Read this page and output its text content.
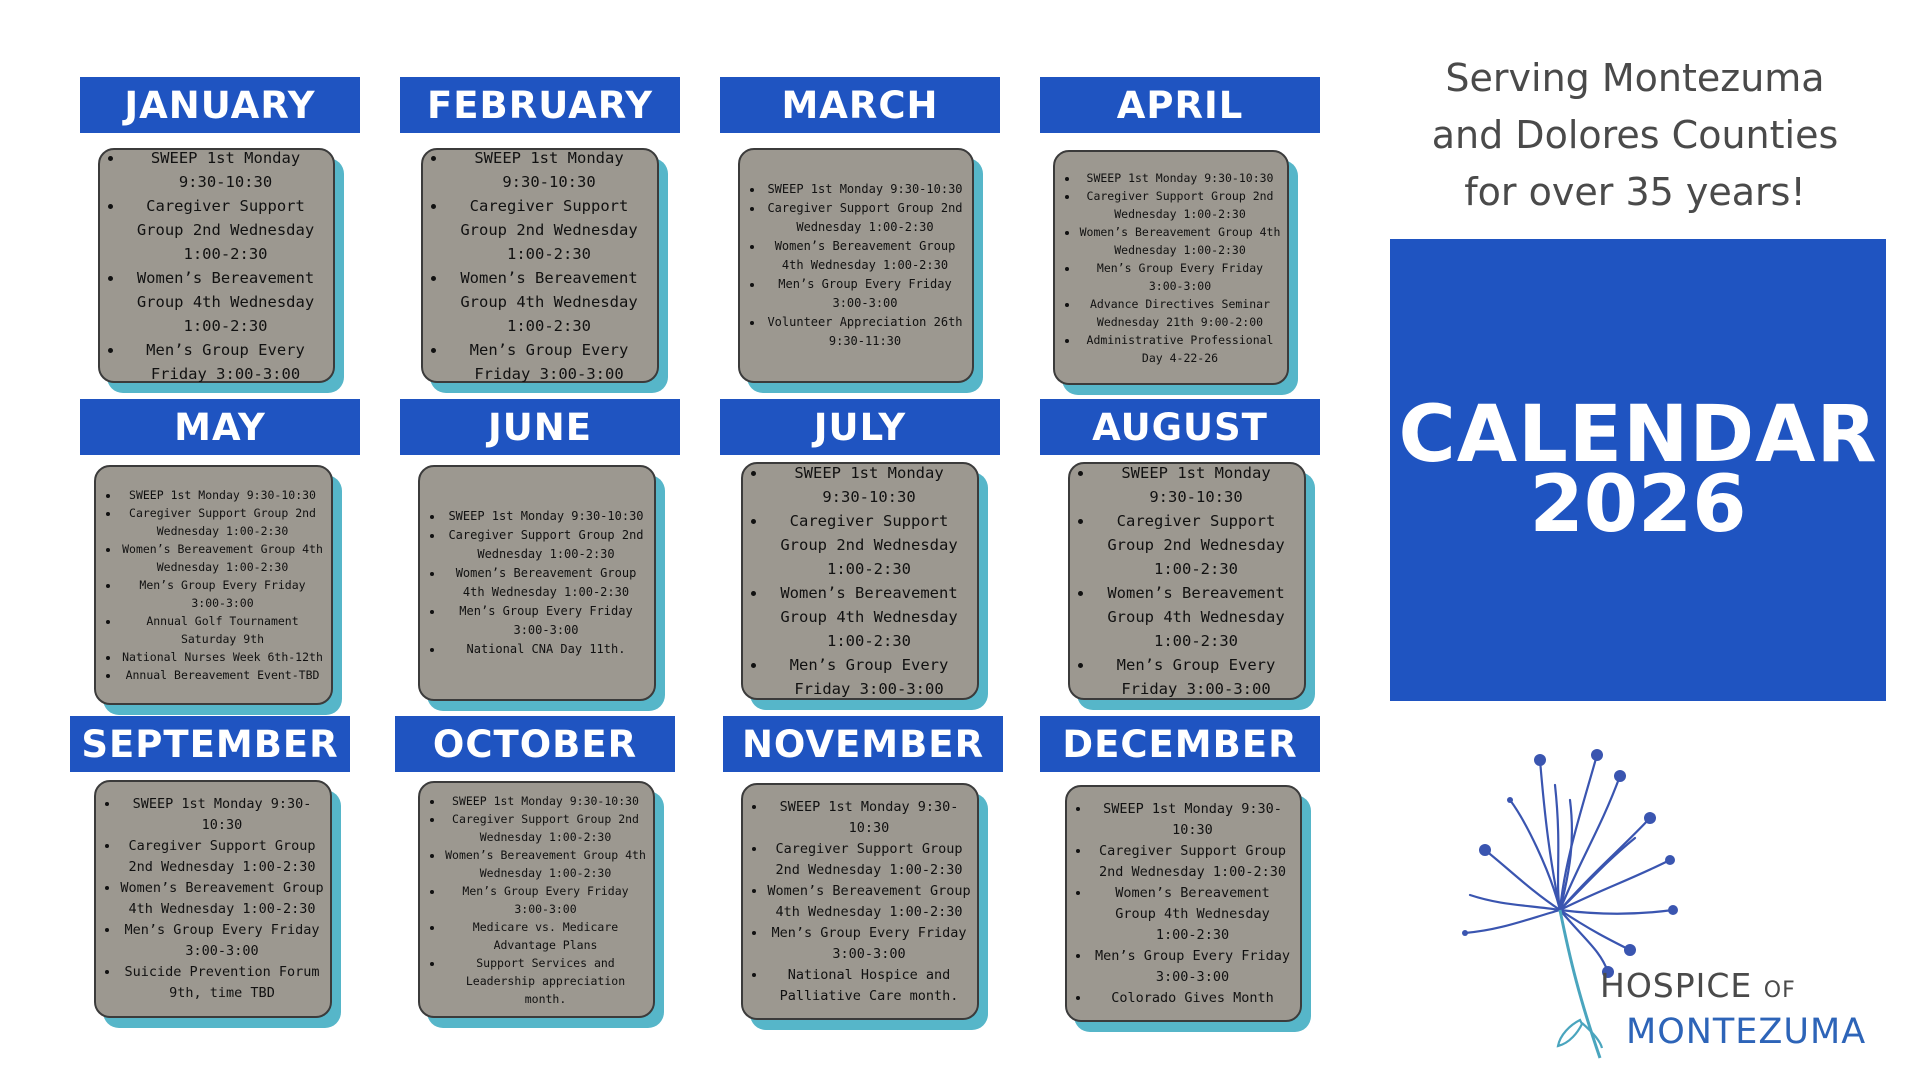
JANUARY
• SWEEP 1st Monday 9:30-10:30
• Caregiver Support Group 2nd Wednesday 1:00-2:30
• Women’s Bereavement Group 4th Wednesday 1:00-2:30
• Men’s Group Every Friday 3:00-3:00
FEBRUARY
• SWEEP 1st Monday 9:30-10:30
• Caregiver Support Group 2nd Wednesday 1:00-2:30
• Women’s Bereavement Group 4th Wednesday 1:00-2:30
• Men’s Group Every Friday 3:00-3:00
MARCH
• SWEEP 1st Monday 9:30-10:30
• Caregiver Support Group 2nd Wednesday 1:00-2:30
• Women’s Bereavement Group 4th Wednesday 1:00-2:30
• Men’s Group Every Friday 3:00-3:00
• Volunteer Appreciation 26th 9:30-11:30
APRIL
• SWEEP 1st Monday 9:30-10:30
• Caregiver Support Group 2nd Wednesday 1:00-2:30
• Women’s Bereavement Group 4th Wednesday 1:00-2:30
• Men’s Group Every Friday 3:00-3:00
• Advance Directives Seminar Wednesday 21th 9:00-2:00
• Administrative Professional Day 4-22-26
MAY
• SWEEP 1st Monday 9:30-10:30
• Caregiver Support Group 2nd Wednesday 1:00-2:30
• Women’s Bereavement Group 4th Wednesday 1:00-2:30
• Men’s Group Every Friday 3:00-3:00
• Annual Golf Tournament Saturday 9th
• National Nurses Week 6th-12th
• Annual Bereavement Event-TBD
JUNE
• SWEEP 1st Monday 9:30-10:30
• Caregiver Support Group 2nd Wednesday 1:00-2:30
• Women’s Bereavement Group 4th Wednesday 1:00-2:30
• Men’s Group Every Friday 3:00-3:00
• National CNA Day 11th.
JULY
• SWEEP 1st Monday 9:30-10:30
• Caregiver Support Group 2nd Wednesday 1:00-2:30
• Women’s Bereavement Group 4th Wednesday 1:00-2:30
• Men’s Group Every Friday 3:00-3:00
AUGUST
• SWEEP 1st Monday 9:30-10:30
• Caregiver Support Group 2nd Wednesday 1:00-2:30
• Women’s Bereavement Group 4th Wednesday 1:00-2:30
• Men’s Group Every Friday 3:00-3:00
SEPTEMBER
• SWEEP 1st Monday 9:30-10:30
• Caregiver Support Group 2nd Wednesday 1:00-2:30
• Women’s Bereavement Group 4th Wednesday 1:00-2:30
• Men’s Group Every Friday 3:00-3:00
• Suicide Prevention Forum 9th, time TBD
OCTOBER
• SWEEP 1st Monday 9:30-10:30
• Caregiver Support Group 2nd Wednesday 1:00-2:30
• Women’s Bereavement Group 4th Wednesday 1:00-2:30
• Men’s Group Every Friday 3:00-3:00
• Medicare vs. Medicare Advantage Plans
• Support Services and Leadership appreciation month.
NOVEMBER
• SWEEP 1st Monday 9:30-10:30
• Caregiver Support Group 2nd Wednesday 1:00-2:30
• Women’s Bereavement Group 4th Wednesday 1:00-2:30
• Men’s Group Every Friday 3:00-3:00
• National Hospice and Palliative Care month.
DECEMBER
• SWEEP 1st Monday 9:30-10:30
• Caregiver Support Group 2nd Wednesday 1:00-2:30
• Women’s Bereavement Group 4th Wednesday 1:00-2:30
• Men’s Group Every Friday 3:00-3:00
• Colorado Gives Month
Serving Montezuma
and Dolores Counties
for over 35 years!
CALENDAR
2026
HOSPICE OF
MONTEZUMA
